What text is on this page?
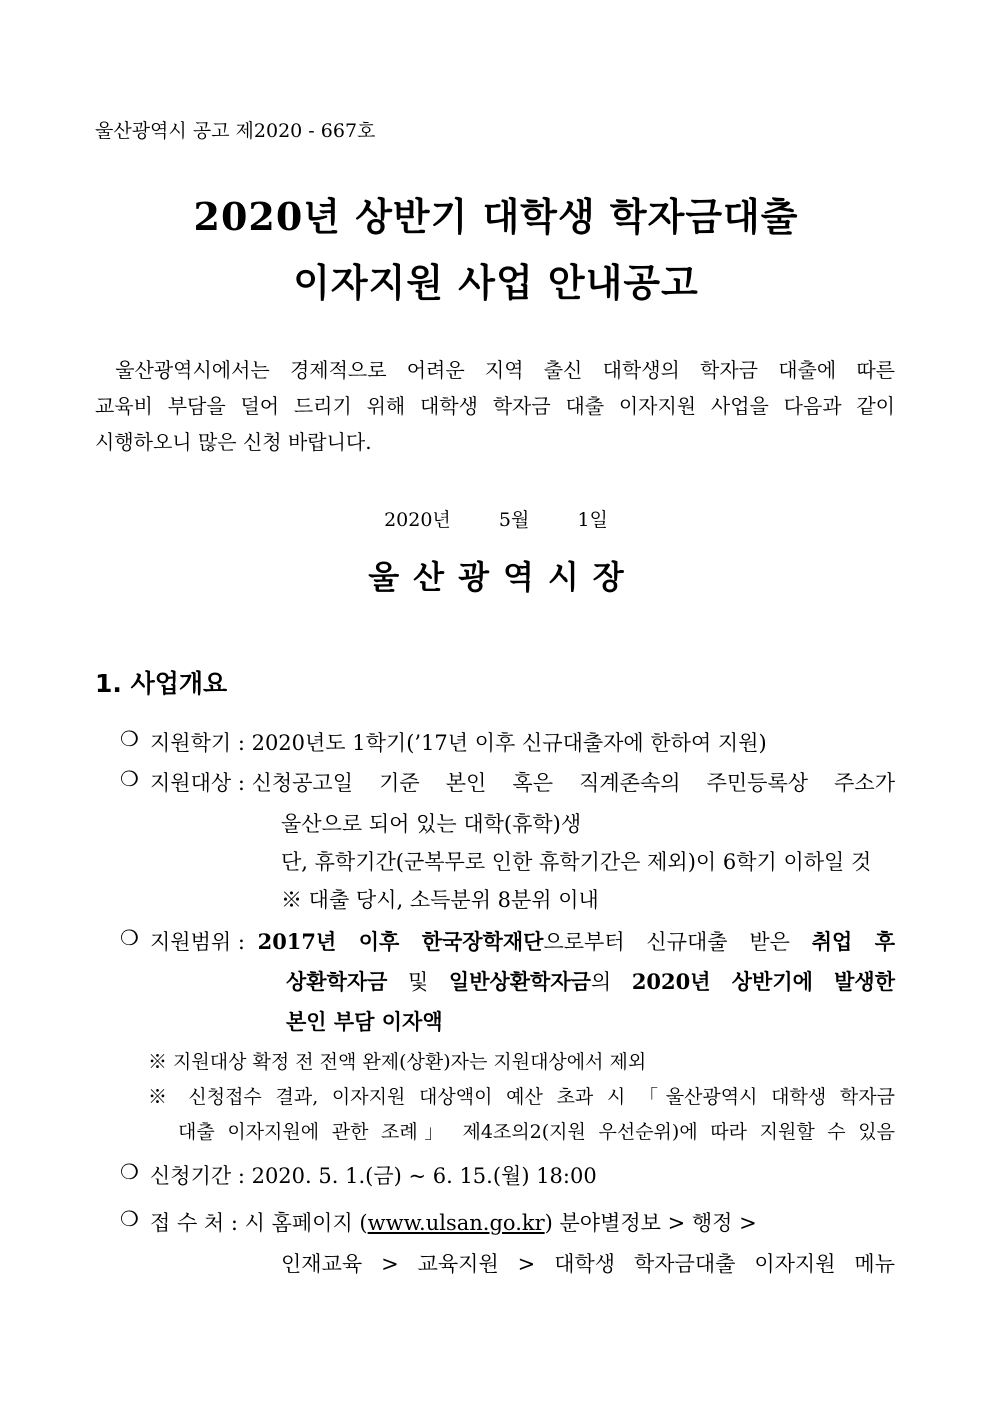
울산광역시 공고 제2020 - 667호
2020년 상반기 대학생 학자금대출
이자지원 사업 안내공고

울산광역시에서는 경제적으로 어려운 지역 출신 대학생의 학자금 대출에 따른

교육비 부담을 덜어 드리기 위해 대학생 학자금 대출 이자지원 사업을 다음과 같이

시행하오니 많은 신청 바랍니다.

2020년   5월   1일
울산광역시장
1. 사업개요
❍ 지원학기 : 2020년도 1학기(’17년 이후 신규대출자에 한하여 지원)
❍ 지원대상 : 신청공고일 기준 본인 혹은 직계존속의 주민등록상 주소가
울산으로 되어 있는 대학(휴학)생
단, 휴학기간(군복무로 인한 휴학기간은 제외)이 6학기 이하일 것
※ 대출 당시, 소득분위 8분위 이내
❍ 지원범위 : 2017년 이후 한국장학재단으로부터 신규대출 받은 취업 후
상환학자금 및 일반상환학자금의 2020년 상반기에 발생한
본인 부담 이자액
※ 지원대상 확정 전 전액 완제(상환)자는 지원대상에서 제외
※ 신청접수 결과, 이자지원 대상액이 예산 초과 시 「울산광역시 대학생 학자금
대출 이자지원에 관한 조례」 제4조의2(지원 우선순위)에 따라 지원할 수 있음
❍ 신청기간 : 2020. 5. 1.(금) ~ 6. 15.(월) 18:00
❍ 접 수 처 : 시 홈페이지 (www.ulsan.go.kr) 분야별정보 > 행정 >
인재교육 > 교육지원 > 대학생 학자금대출 이자지원 메뉴
